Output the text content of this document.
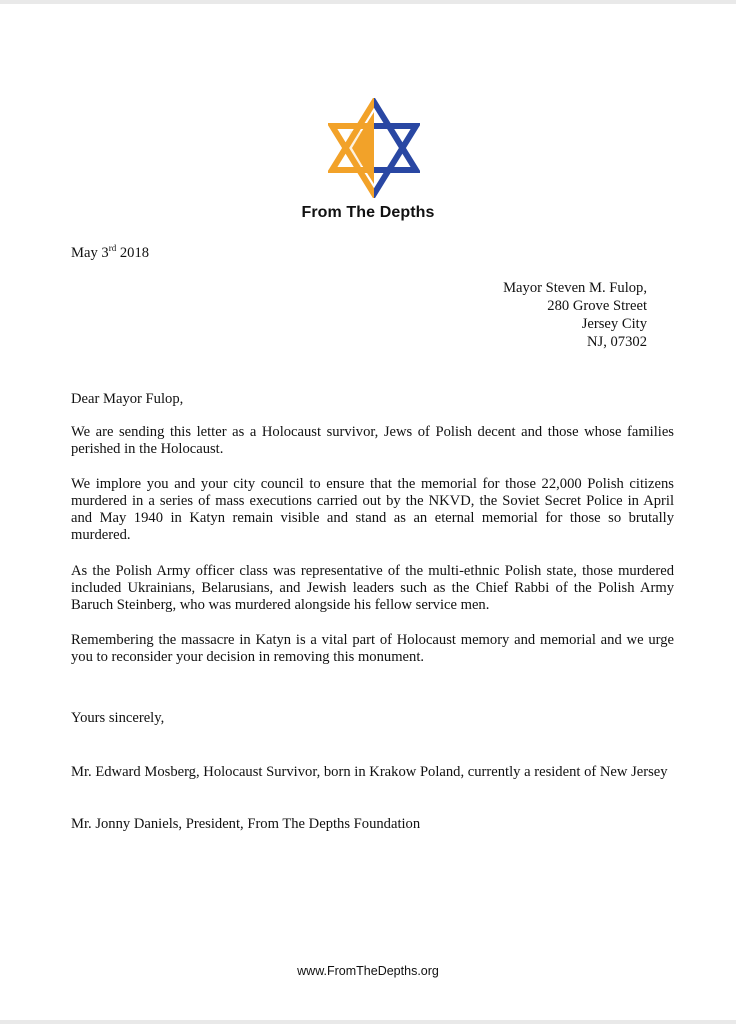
From The Depths
May 3rd 2018
Mayor Steven M. Fulop,
280 Grove Street
Jersey City
NJ, 07302

Dear Mayor Fulop,

We are sending this letter as a Holocaust survivor, Jews of Polish decent and those whose families perished in the Holocaust.

We implore you and your city council to ensure that the memorial for those 22,000 Polish citizens murdered in a series of mass executions carried out by the NKVD, the Soviet Secret Police in April and May 1940 in Katyn remain visible and stand as an eternal memorial for those so brutally murdered.

As the Polish Army officer class was representative of the multi-ethnic Polish state, those murdered included Ukrainians, Belarusians, and Jewish leaders such as the Chief Rabbi of the Polish Army Baruch Steinberg, who was murdered alongside his fellow service men.

Remembering the massacre in Katyn is a vital part of Holocaust memory and memorial and we urge you to reconsider your decision in removing this monument.

Yours sincerely,

Mr. Edward Mosberg, Holocaust Survivor, born in Krakow Poland, currently a resident of New Jersey

Mr. Jonny Daniels, President, From The Depths Foundation

www.FromTheDepths.org
